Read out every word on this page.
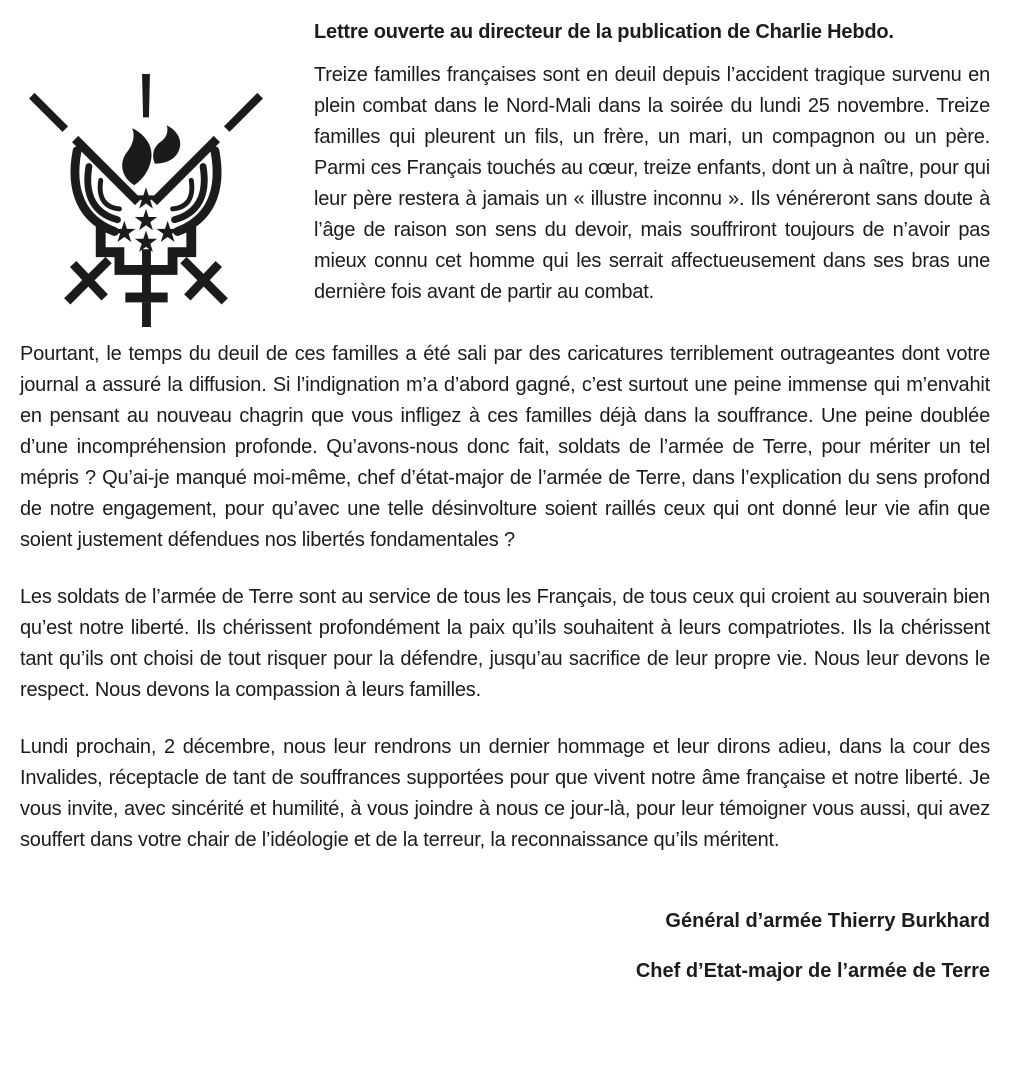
Lettre ouverte au directeur de la publication de Charlie Hebdo.

Treize familles françaises sont en deuil depuis l’accident tragique survenu en plein combat dans le Nord-Mali dans la soirée du lundi 25 novembre. Treize familles qui pleurent un fils, un frère, un mari, un compagnon ou un père. Parmi ces Français touchés au cœur, treize enfants, dont un à naître, pour qui leur père restera à jamais un « illustre inconnu ». Ils vénéreront sans doute à l’âge de raison son sens du devoir, mais souffriront toujours de n’avoir pas mieux connu cet homme qui les serrait affectueusement dans ses bras une dernière fois avant de partir au combat.

Pourtant, le temps du deuil de ces familles a été sali par des caricatures terriblement outrageantes dont votre journal a assuré la diffusion. Si l’indignation m’a d’abord gagné, c’est surtout une peine immense qui m’envahit en pensant au nouveau chagrin que vous infligez à ces familles déjà dans la souffrance. Une peine doublée d’une incompréhension profonde. Qu’avons-nous donc fait, soldats de l’armée de Terre, pour mériter un tel mépris ? Qu’ai-je manqué moi-même, chef d’état-major de l’armée de Terre, dans l’explication du sens profond de notre engagement, pour qu’avec une telle désinvolture soient raillés ceux qui ont donné leur vie afin que soient justement défendues nos libertés fondamentales ?

Les soldats de l’armée de Terre sont au service de tous les Français, de tous ceux qui croient au souverain bien qu’est notre liberté. Ils chérissent profondément la paix qu’ils souhaitent à leurs compatriotes. Ils la chérissent tant qu’ils ont choisi de tout risquer pour la défendre, jusqu’au sacrifice de leur propre vie. Nous leur devons le respect. Nous devons la compassion à leurs familles.

Lundi prochain, 2 décembre, nous leur rendrons un dernier hommage et leur dirons adieu, dans la cour des Invalides, réceptacle de tant de souffrances supportées pour que vivent notre âme française et notre liberté. Je vous invite, avec sincérité et humilité, à vous joindre à nous ce jour-là, pour leur témoigner vous aussi, qui avez souffert dans votre chair de l’idéologie et de la terreur, la reconnaissance qu’ils méritent.

Général d’armée Thierry Burkhard

Chef d’Etat-major de l’armée de Terre
